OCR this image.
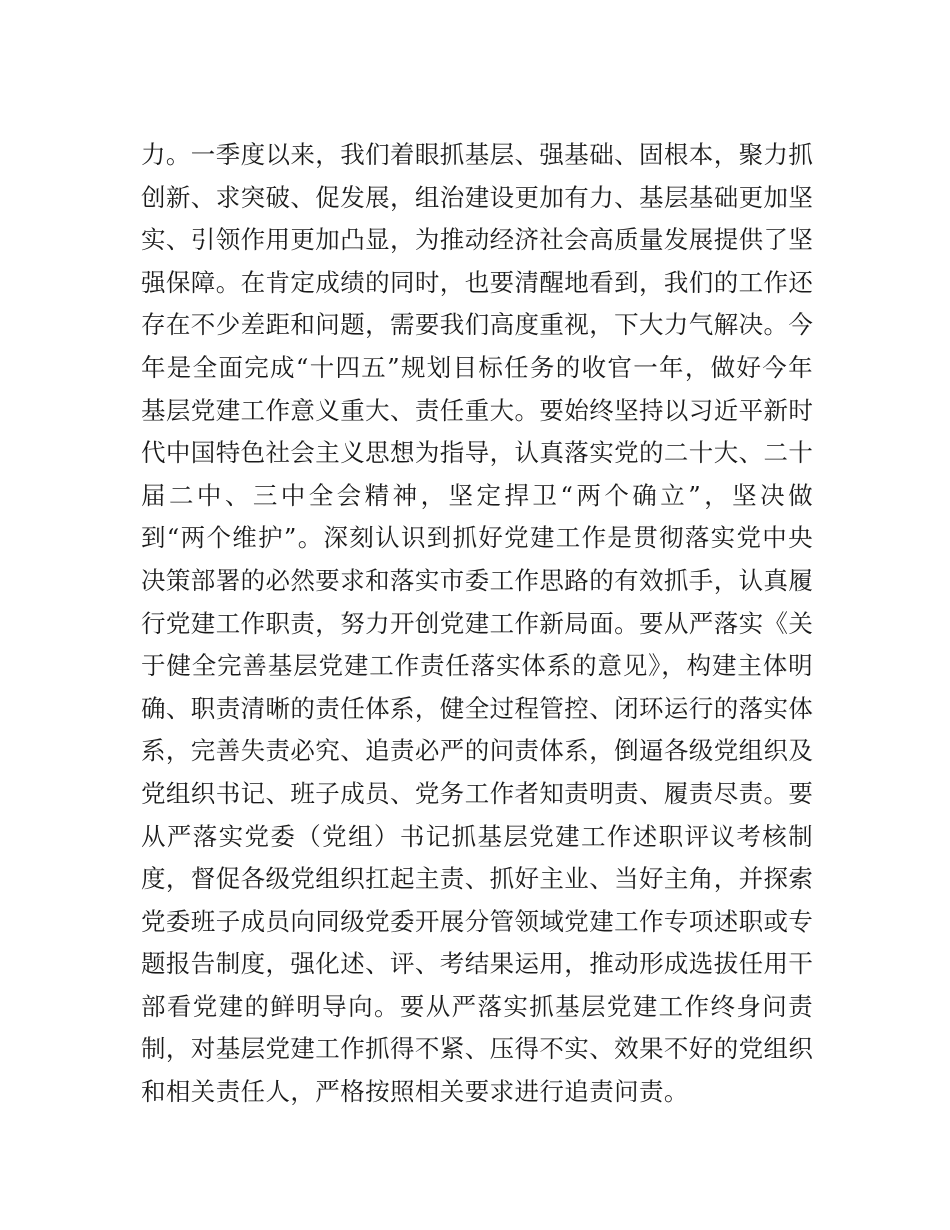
力。一季度以来，我们着眼抓基层、强基础、固根本，聚力抓
创新、求突破、促发展，组治建设更加有力、基层基础更加坚
实、引领作用更加凸显，为推动经济社会高质量发展提供了坚
强保障。在肯定成绩的同时，也要清醒地看到，我们的工作还
存在不少差距和问题，需要我们高度重视，下大力气解决。今
年是全面完成“十四五”规划目标任务的收官一年，做好今年
基层党建工作意义重大、责任重大。要始终坚持以习近平新时
代中国特色社会主义思想为指导，认真落实党的二十大、二十
届二中、三中全会精神，坚定捍卫“两个确立”，坚决做
到“两个维护”。深刻认识到抓好党建工作是贯彻落实党中央
决策部署的必然要求和落实市委工作思路的有效抓手，认真履
行党建工作职责，努力开创党建工作新局面。要从严落实《关
于健全完善基层党建工作责任落实体系的意见》，构建主体明
确、职责清晰的责任体系，健全过程管控、闭环运行的落实体
系，完善失责必究、追责必严的问责体系，倒逼各级党组织及
党组织书记、班子成员、党务工作者知责明责、履责尽责。要
从严落实党委（党组）书记抓基层党建工作述职评议考核制
度，督促各级党组织扛起主责、抓好主业、当好主角，并探索
党委班子成员向同级党委开展分管领域党建工作专项述职或专
题报告制度，强化述、评、考结果运用，推动形成选拔任用干
部看党建的鲜明导向。要从严落实抓基层党建工作终身问责
制，对基层党建工作抓得不紧、压得不实、效果不好的党组织
和相关责任人，严格按照相关要求进行追责问责。
